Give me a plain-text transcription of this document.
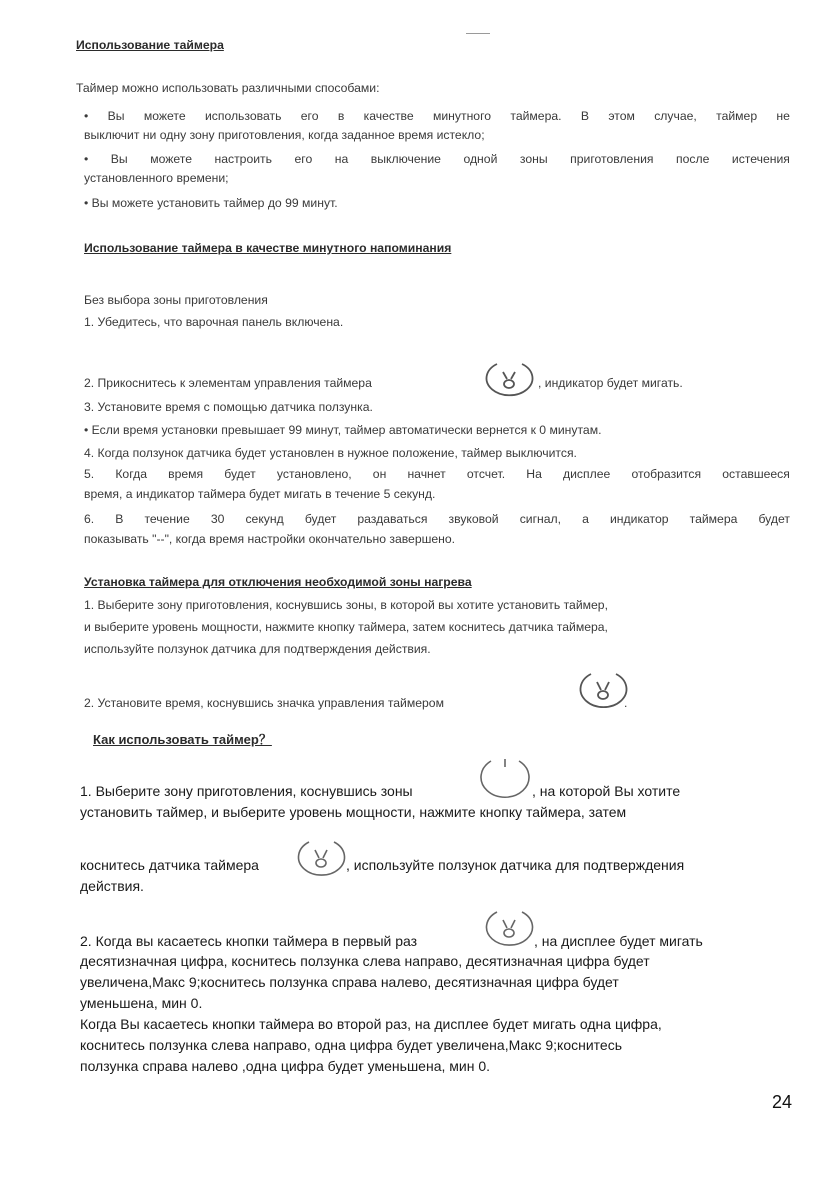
Использование таймера
Таймер можно использовать различными способами:
• Вы можете использовать его в качестве минутного таймера. В этом случае, таймер не
выключит ни одну зону приготовления, когда заданное время истекло;
• Вы можете настроить его на выключение одной зоны приготовления после истечения
установленного времени;
• Вы можете установить таймер до 99 минут.
Использование таймера в качестве минутного напоминания
Без выбора зоны приготовления
1. Убедитесь, что варочная панель включена.
2. Прикоснитесь к элементам управления таймера	, индикатор будет мигать.
3. Установите время с помощью датчика ползунка.
• Если время установки превышает 99 минут, таймер автоматически вернется к 0 минутам.
4. Когда ползунок датчика будет установлен в нужное положение, таймер выключится.
5. Когда время будет установлено, он начнет отсчет. На дисплее отобразится оставшееся
время, а индикатор таймера будет мигать в течение 5 секунд.
6. В течение 30 секунд будет раздаваться звуковой сигнал, а индикатор таймера будет
показывать "--", когда время настройки окончательно завершено.
Установка таймера для отключения необходимой зоны нагрева
1. Выберите зону приготовления, коснувшись зоны, в которой вы хотите установить таймер,
и выберите уровень мощности, нажмите кнопку таймера, затем коснитесь датчика таймера,
используйте ползунок датчика для подтверждения действия.
2. Установите время, коснувшись значка управления таймером	.
Как использовать таймер？
1. Выберите зону приготовления, коснувшись зоны	, на которой Вы хотите
установить таймер, и выберите уровень мощности, нажмите кнопку таймера, затем
коснитесь датчика таймера	, используйте ползунок датчика для подтверждения
действия.
2. Когда вы касаетесь кнопки таймера в первый раз	, на дисплее будет мигать
десятизначная цифра, коснитесь ползунка слева направо, десятизначная цифра будет
увеличена,Макс 9;коснитесь ползунка справа налево, десятизначная цифра будет
уменьшена, мин 0.
Когда Вы касаетесь кнопки таймера во второй раз, на дисплее будет мигать одна цифра,
коснитесь ползунка слева направо, одна цифра будет увеличена,Макс 9;коснитесь
ползунка справа налево ,одна цифра будет уменьшена, мин 0.
24
